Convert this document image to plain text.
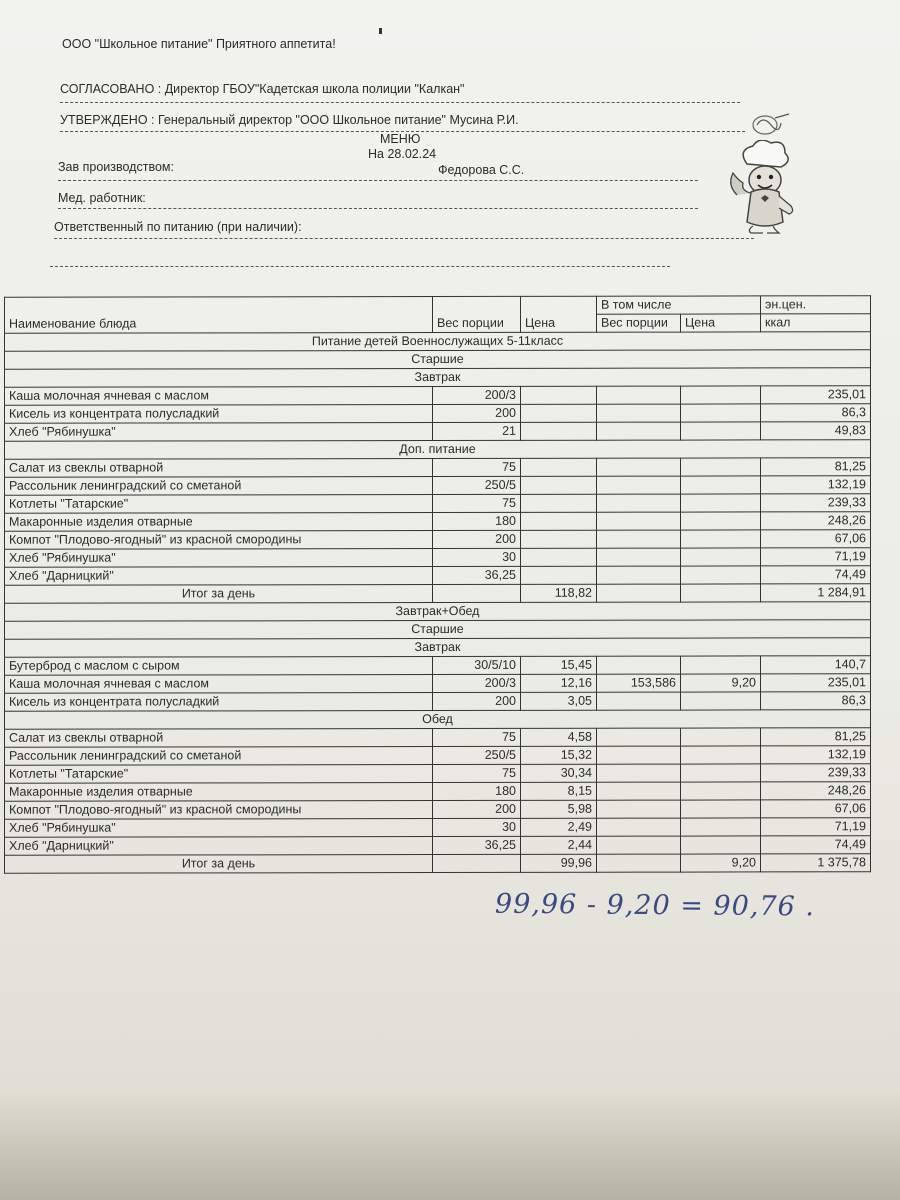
ООО "Школьное питание" Приятного аппетита!
СОГЛАСОВАНО : Директор ГБОУ"Кадетская школа полиции "Калкан"
УТВЕРЖДЕНО : Генеральный директор "ООО Школьное питание" Мусина Р.И.
МЕНЮ
На 28.02.24
Зав производством:	Федорова С.С.
Мед. работник:
Ответственный по питанию (при наличии):
Наименование блюда	Вес порции	Цена	В том числе		эн.цен.
			Вес порции	Цена	ккал
Питание детей Военнослужащих 5-11класс					
Старшие					
Завтрак					
Каша молочная ячневая с маслом	200/3				235,01
Кисель из концентрата полусладкий	200				86,3
Хлеб "Рябинушка"	21				49,83
Доп. питание					
Салат из свеклы отварной	75				81,25
Рассольник ленинградский со сметаной	250/5				132,19
Котлеты "Татарские"	75				239,33
Макаронные изделия отварные	180				248,26
Компот "Плодово-ягодный" из красной смородины	200				67,06
Хлеб "Рябинушка"	30				71,19
Хлеб "Дарницкий"	36,25				74,49
Итог за день		118,82			1 284,91
Завтрак+Обед					
Старшие					
Завтрак					
Бутерброд с маслом с сыром	30/5/10	15,45			140,7
Каша молочная ячневая с маслом	200/3	12,16	153,586	9,20	235,01
Кисель из концентрата полусладкий	200	3,05			86,3
Обед					
Салат из свеклы отварной	75	4,58			81,25
Рассольник ленинградский со сметаной	250/5	15,32			132,19
Котлеты "Татарские"	75	30,34			239,33
Макаронные изделия отварные	180	8,15			248,26
Компот "Плодово-ягодный" из красной смородины	200	5,98			67,06
Хлеб "Рябинушка"	30	2,49			71,19
Хлеб "Дарницкий"	36,25	2,44			74,49
Итог за день		99,96		9,20	1 375,78
99,96 - 9,20 = 90,76 .
